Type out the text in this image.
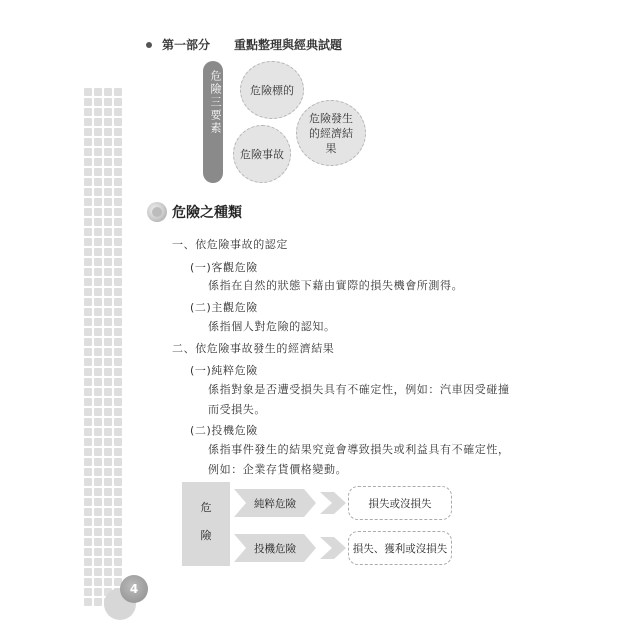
第一部分 重點整理與經典試題
危險三要素	危險標的
危險發生的經濟結果
危險事故
危險之種類
一、依危險事故的認定
(一)客觀危險
係指在自然的狀態下藉由實際的損失機會所測得。
(二)主觀危險
係指個人對危險的認知。
二、依危險事故發生的經濟結果
(一)純粹危險
係指對象是否遭受損失具有不確定性，例如：汽車因受碰撞
而受損失。
(二)投機危險
係指事件發生的結果究竟會導致損失或利益具有不確定性，
例如：企業存貨價格變動。
危
險
純粹危險	損失或沒損失
投機危險	損失、獲利或沒損失
4
